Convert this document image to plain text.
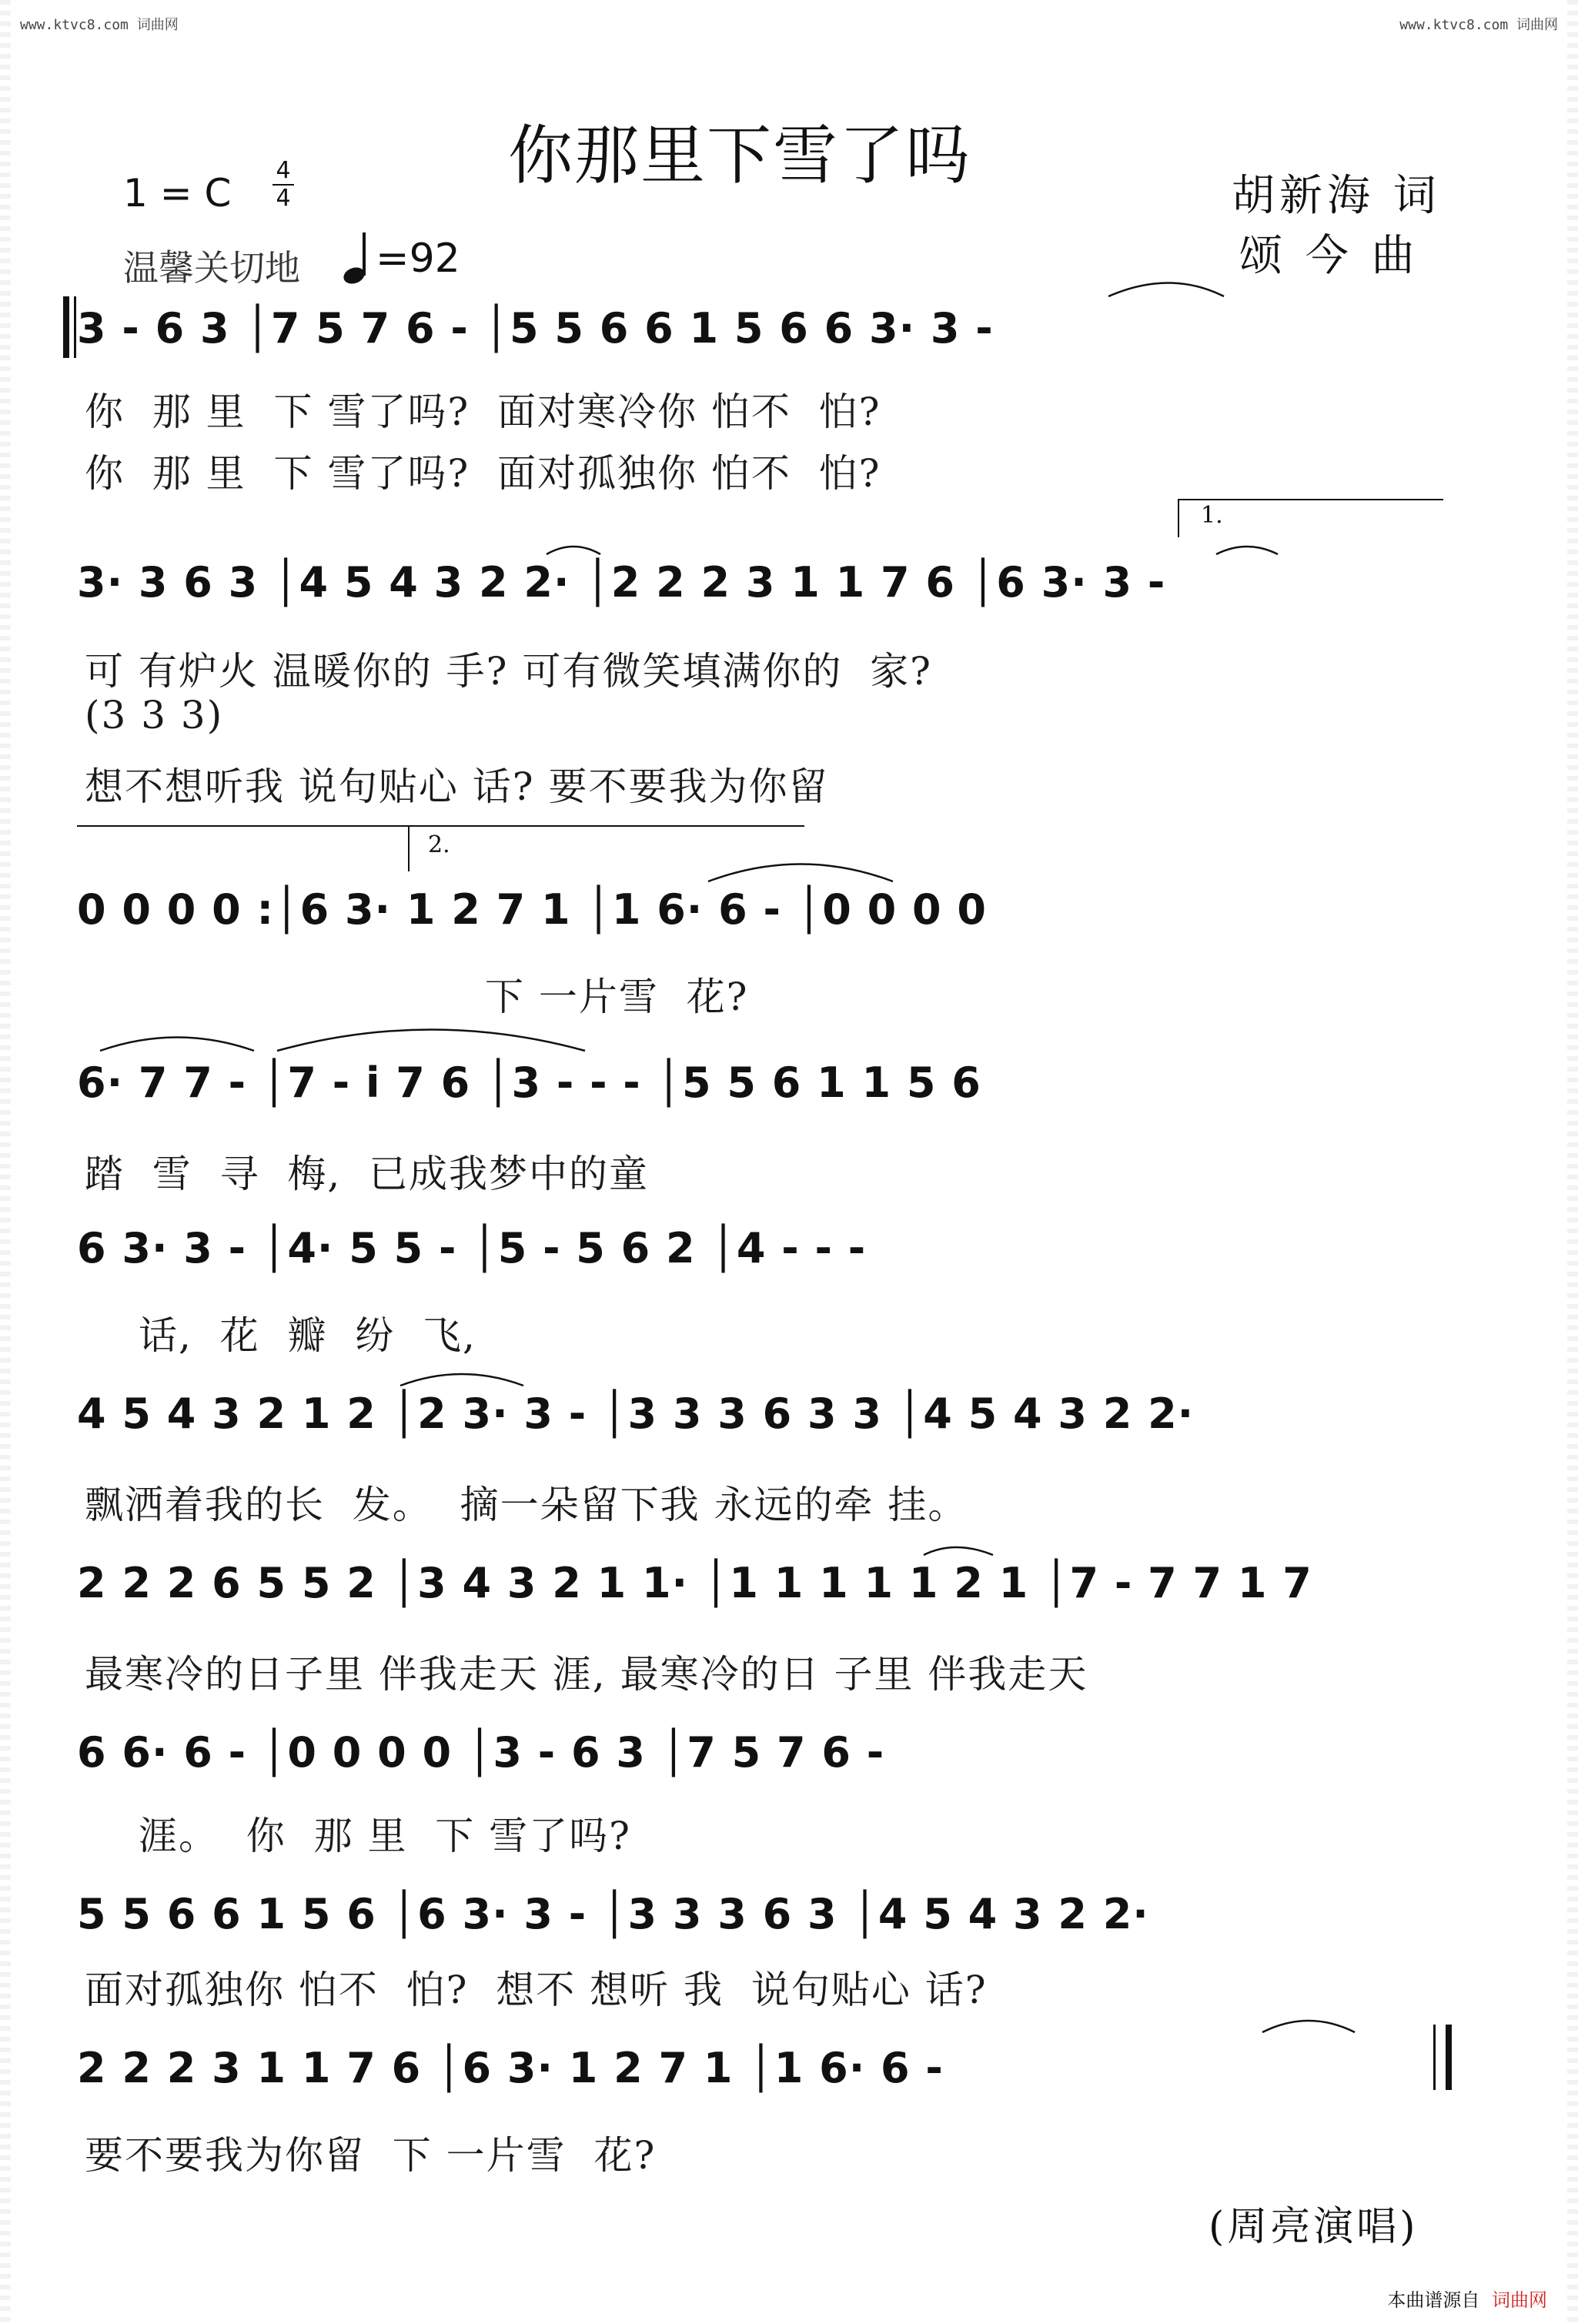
www.ktvc8.com 词曲网	www.ktvc8.com 词曲网
你那里下雪了吗
胡新海 词
颂 今 曲
1 = C
4
4
温馨关切地 =92
3 - 6 3 │7 5 7 6 - │5 5 6 6 1 5 6 6 3· 3 -
你  那 里  下 雪了吗?  面对寒冷你 怕不  怕?
你  那 里  下 雪了吗?  面对孤独你 怕不  怕?
3· 3 6 3 │4 5 4 3 2 2· │2 2 2 3 1 1 7 6 │6 3· 3 -
可 有炉火 温暖你的 手? 可有微笑填满你的  家?
(3 3 3)
想不想听我 说句贴心 话? 要不要我为你留
0 0 0 0 :│6 3· 1 2 7 1 │1 6· 6 - │0 0 0 0
下 一片雪  花?
6· 7 7 - │7 - i 7 6 │3 - - - │5 5 6 1 1 5 6
踏  雪  寻  梅,  已成我梦中的童
6 3· 3 - │4· 5 5 - │5 - 5 6 2 │4 - - -
话,  花  瓣  纷  飞,
4 5 4 3 2 1 2 │2 3· 3 - │3 3 3 6 3 3 │4 5 4 3 2 2·
飘洒着我的长  发。  摘一朵留下我 永远的牵 挂。
2 2 2 6 5 5 2 │3 4 3 2 1 1· │1 1 1 1 1 2 1 │7 - 7 7 1 7
最寒冷的日子里 伴我走天 涯, 最寒冷的日 子里 伴我走天
6 6· 6 - │0 0 0 0 │3 - 6 3 │7 5 7 6 -
涯。  你  那 里  下 雪了吗?
5 5 6 6 1 5 6 │6 3· 3 - │3 3 3 6 3 │4 5 4 3 2 2·
面对孤独你 怕不  怕?  想不 想听 我  说句贴心 话?
2 2 2 3 1 1 7 6 │6 3· 1 2 7 1 │1 6· 6 -
要不要我为你留  下 一片雪  花?
1.
2.
(周亮演唱)
本曲谱源自 词曲网
